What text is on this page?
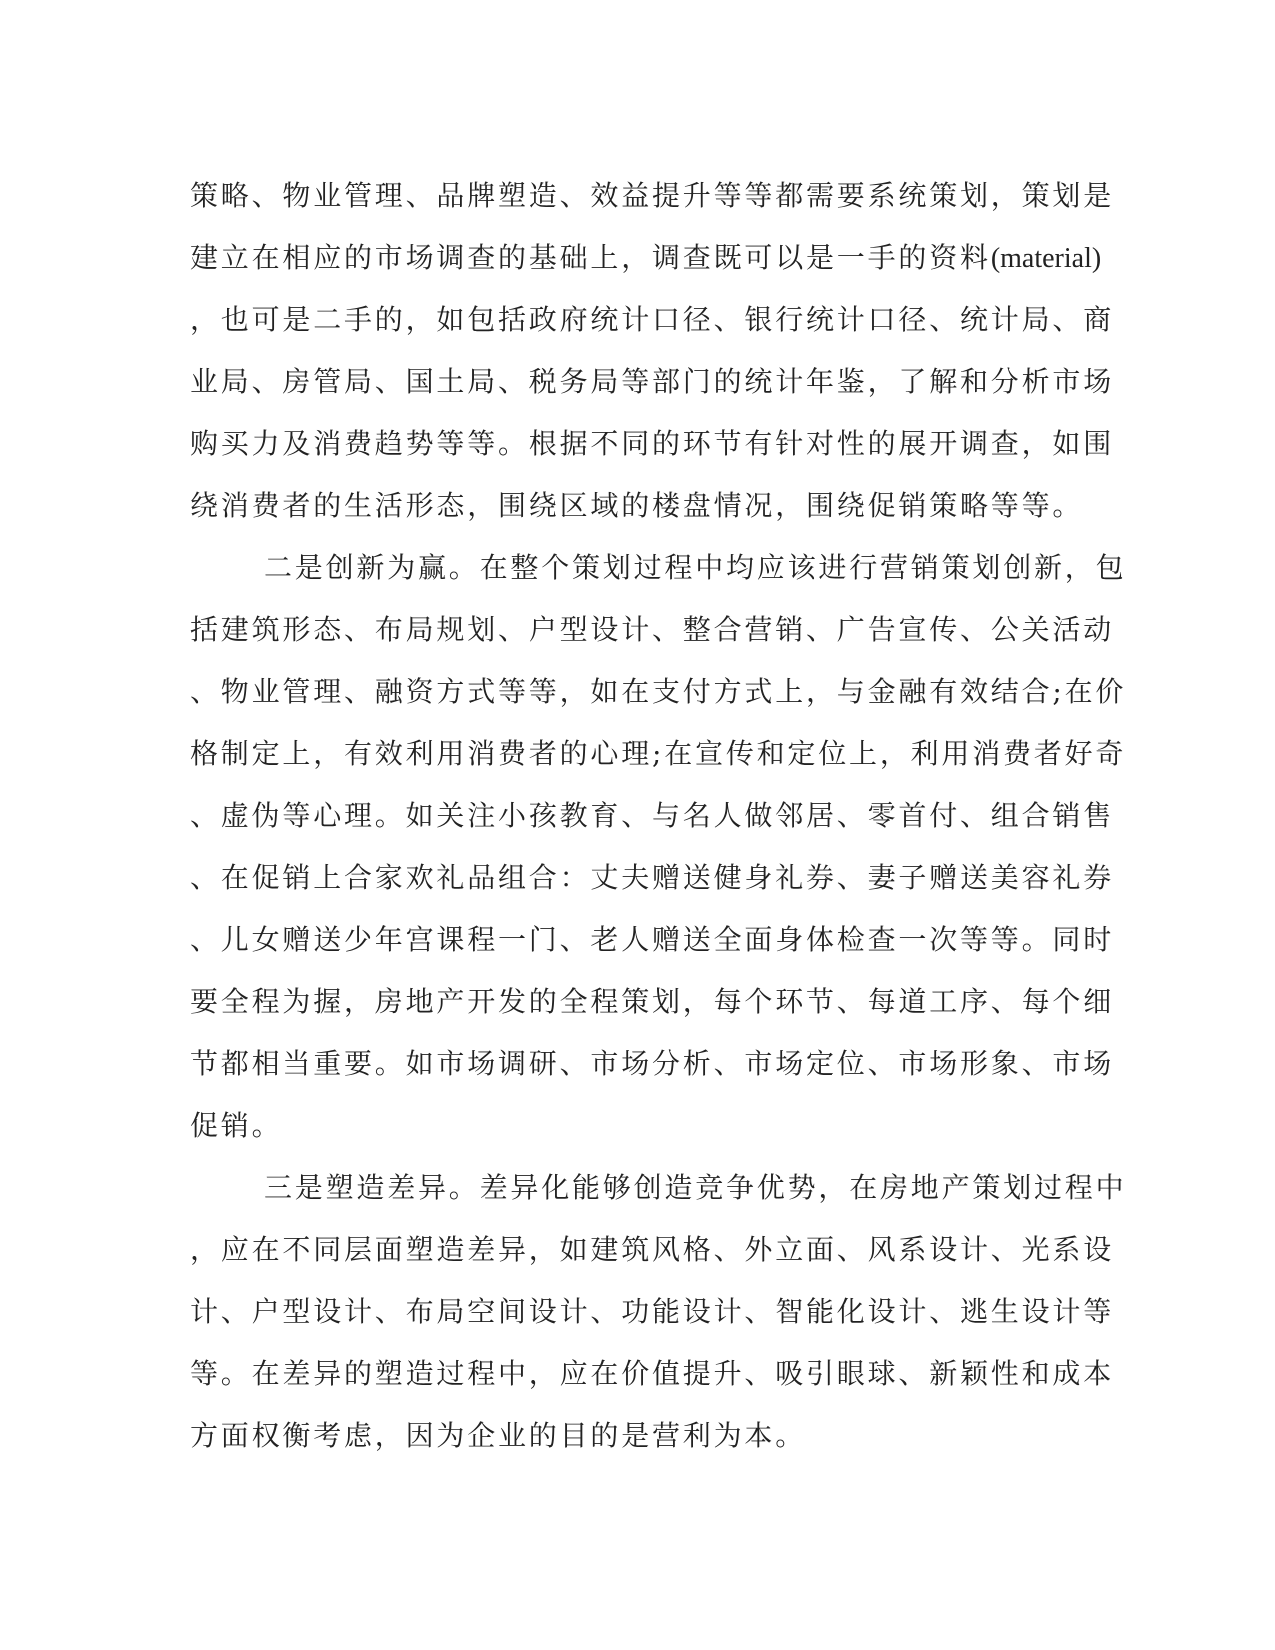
策略、物业管理、品牌塑造、效益提升等等都需要系统策划，策划是
建立在相应的市场调查的基础上，调查既可以是一手的资料(material)
，也可是二手的，如包括政府统计口径、银行统计口径、统计局、商
业局、房管局、国土局、税务局等部门的统计年鉴，了解和分析市场
购买力及消费趋势等等。根据不同的环节有针对性的展开调查，如围
绕消费者的生活形态，围绕区域的楼盘情况，围绕促销策略等等。
二是创新为赢。在整个策划过程中均应该进行营销策划创新，包
括建筑形态、布局规划、户型设计、整合营销、广告宣传、公关活动
、物业管理、融资方式等等，如在支付方式上，与金融有效结合;在价
格制定上，有效利用消费者的心理;在宣传和定位上，利用消费者好奇
、虚伪等心理。如关注小孩教育、与名人做邻居、零首付、组合销售
、在促销上合家欢礼品组合：丈夫赠送健身礼券、妻子赠送美容礼券
、儿女赠送少年宫课程一门、老人赠送全面身体检查一次等等。同时
要全程为握，房地产开发的全程策划，每个环节、每道工序、每个细
节都相当重要。如市场调研、市场分析、市场定位、市场形象、市场
促销。
三是塑造差异。差异化能够创造竞争优势，在房地产策划过程中
，应在不同层面塑造差异，如建筑风格、外立面、风系设计、光系设
计、户型设计、布局空间设计、功能设计、智能化设计、逃生设计等
等。在差异的塑造过程中，应在价值提升、吸引眼球、新颖性和成本
方面权衡考虑，因为企业的目的是营利为本。
